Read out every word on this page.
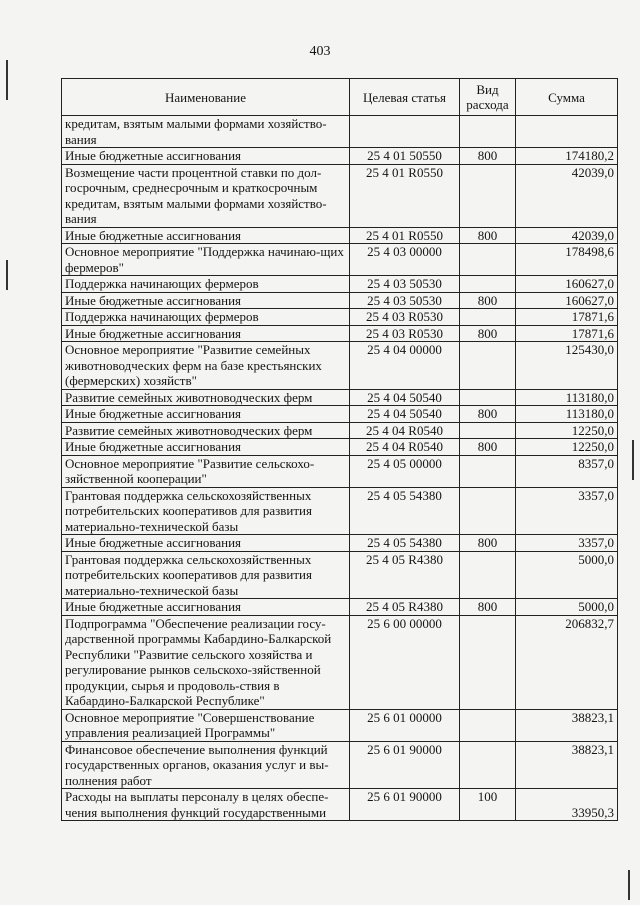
403
Наименование	Целевая статья	Вид расхода	Сумма
кредитам, взятым малыми формами хозяйство-вания			
Иные бюджетные ассигнования	25 4 01 50550	800	174180,2
Возмещение части процентной ставки по дол-госрочным, среднесрочным и краткосрочным кредитам, взятым малыми формами хозяйство-вания	25 4 01 R0550		42039,0
Иные бюджетные ассигнования	25 4 01 R0550	800	42039,0
Основное мероприятие "Поддержка начинаю-щих фермеров"	25 4 03 00000		178498,6
Поддержка начинающих фермеров	25 4 03 50530		160627,0
Иные бюджетные ассигнования	25 4 03 50530	800	160627,0
Поддержка начинающих фермеров	25 4 03 R0530		17871,6
Иные бюджетные ассигнования	25 4 03 R0530	800	17871,6
Основное мероприятие "Развитие семейных животноводческих ферм на базе крестьянских (фермерских) хозяйств"	25 4 04 00000		125430,0
Развитие семейных животноводческих ферм	25 4 04 50540		113180,0
Иные бюджетные ассигнования	25 4 04 50540	800	113180,0
Развитие семейных животноводческих ферм	25 4 04 R0540		12250,0
Иные бюджетные ассигнования	25 4 04 R0540	800	12250,0
Основное мероприятие "Развитие сельскохо-зяйственной кооперации"	25 4 05 00000		8357,0
Грантовая поддержка сельскохозяйственных потребительских кооперативов для развития материально-технической базы	25 4 05 54380		3357,0
Иные бюджетные ассигнования	25 4 05 54380	800	3357,0
Грантовая поддержка сельскохозяйственных потребительских кооперативов для развития материально-технической базы	25 4 05 R4380		5000,0
Иные бюджетные ассигнования	25 4 05 R4380	800	5000,0
Подпрограмма "Обеспечение реализации госу-дарственной программы Кабардино-Балкарской Республики "Развитие сельского хозяйства и регулирование рынков сельскохо-зяйственной продукции, сырья и продоволь-ствия в Кабардино-Балкарской Республике"	25 6 00 00000		206832,7
Основное мероприятие "Совершенствование управления реализацией Программы"	25 6 01 00000		38823,1
Финансовое обеспечение выполнения функций государственных органов, оказания услуг и вы-полнения работ	25 6 01 90000		38823,1
Расходы на выплаты персоналу в целях обеспе-чения выполнения функций государственными	25 6 01 90000	100	33950,3
